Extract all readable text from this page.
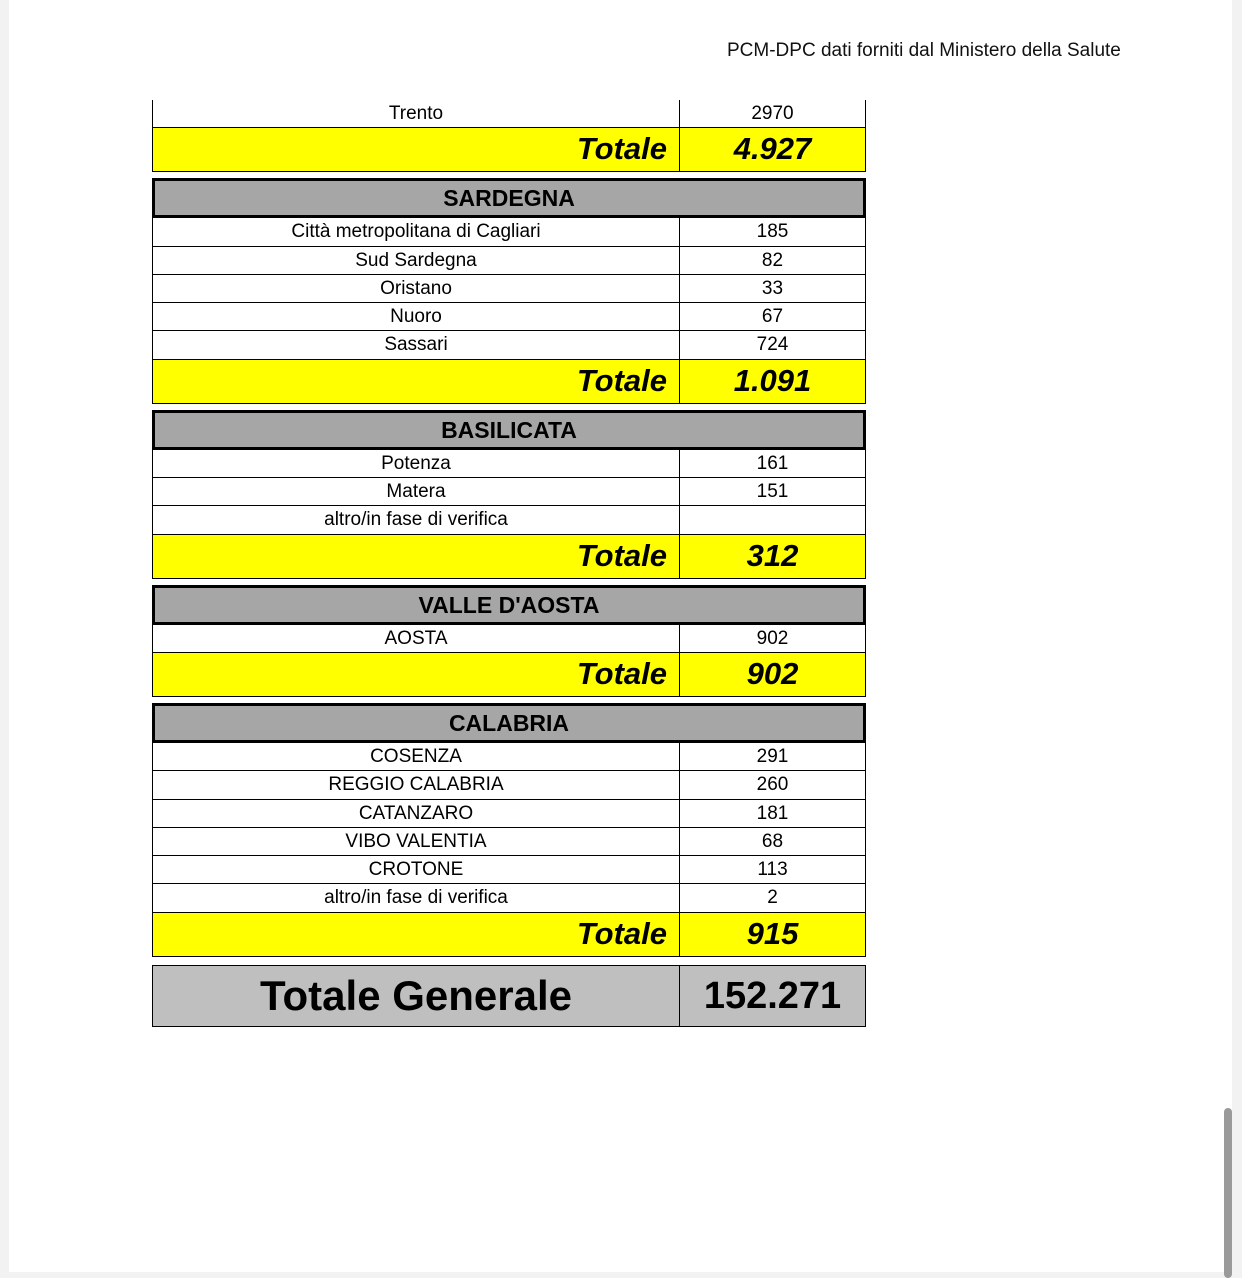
PCM-DPC dati forniti dal Ministero della Salute
Trento	2970
Totale	4.927
SARDEGNA
Città metropolitana di Cagliari	185
Sud Sardegna	82
Oristano	33
Nuoro	67
Sassari	724
Totale	1.091
BASILICATA
Potenza	161
Matera	151
altro/in fase di verifica
Totale	312
VALLE D'AOSTA
AOSTA	902
Totale	902
CALABRIA
COSENZA	291
REGGIO CALABRIA	260
CATANZARO	181
VIBO VALENTIA	68
CROTONE	113
altro/in fase di verifica	2
Totale	915
Totale Generale	152.271
